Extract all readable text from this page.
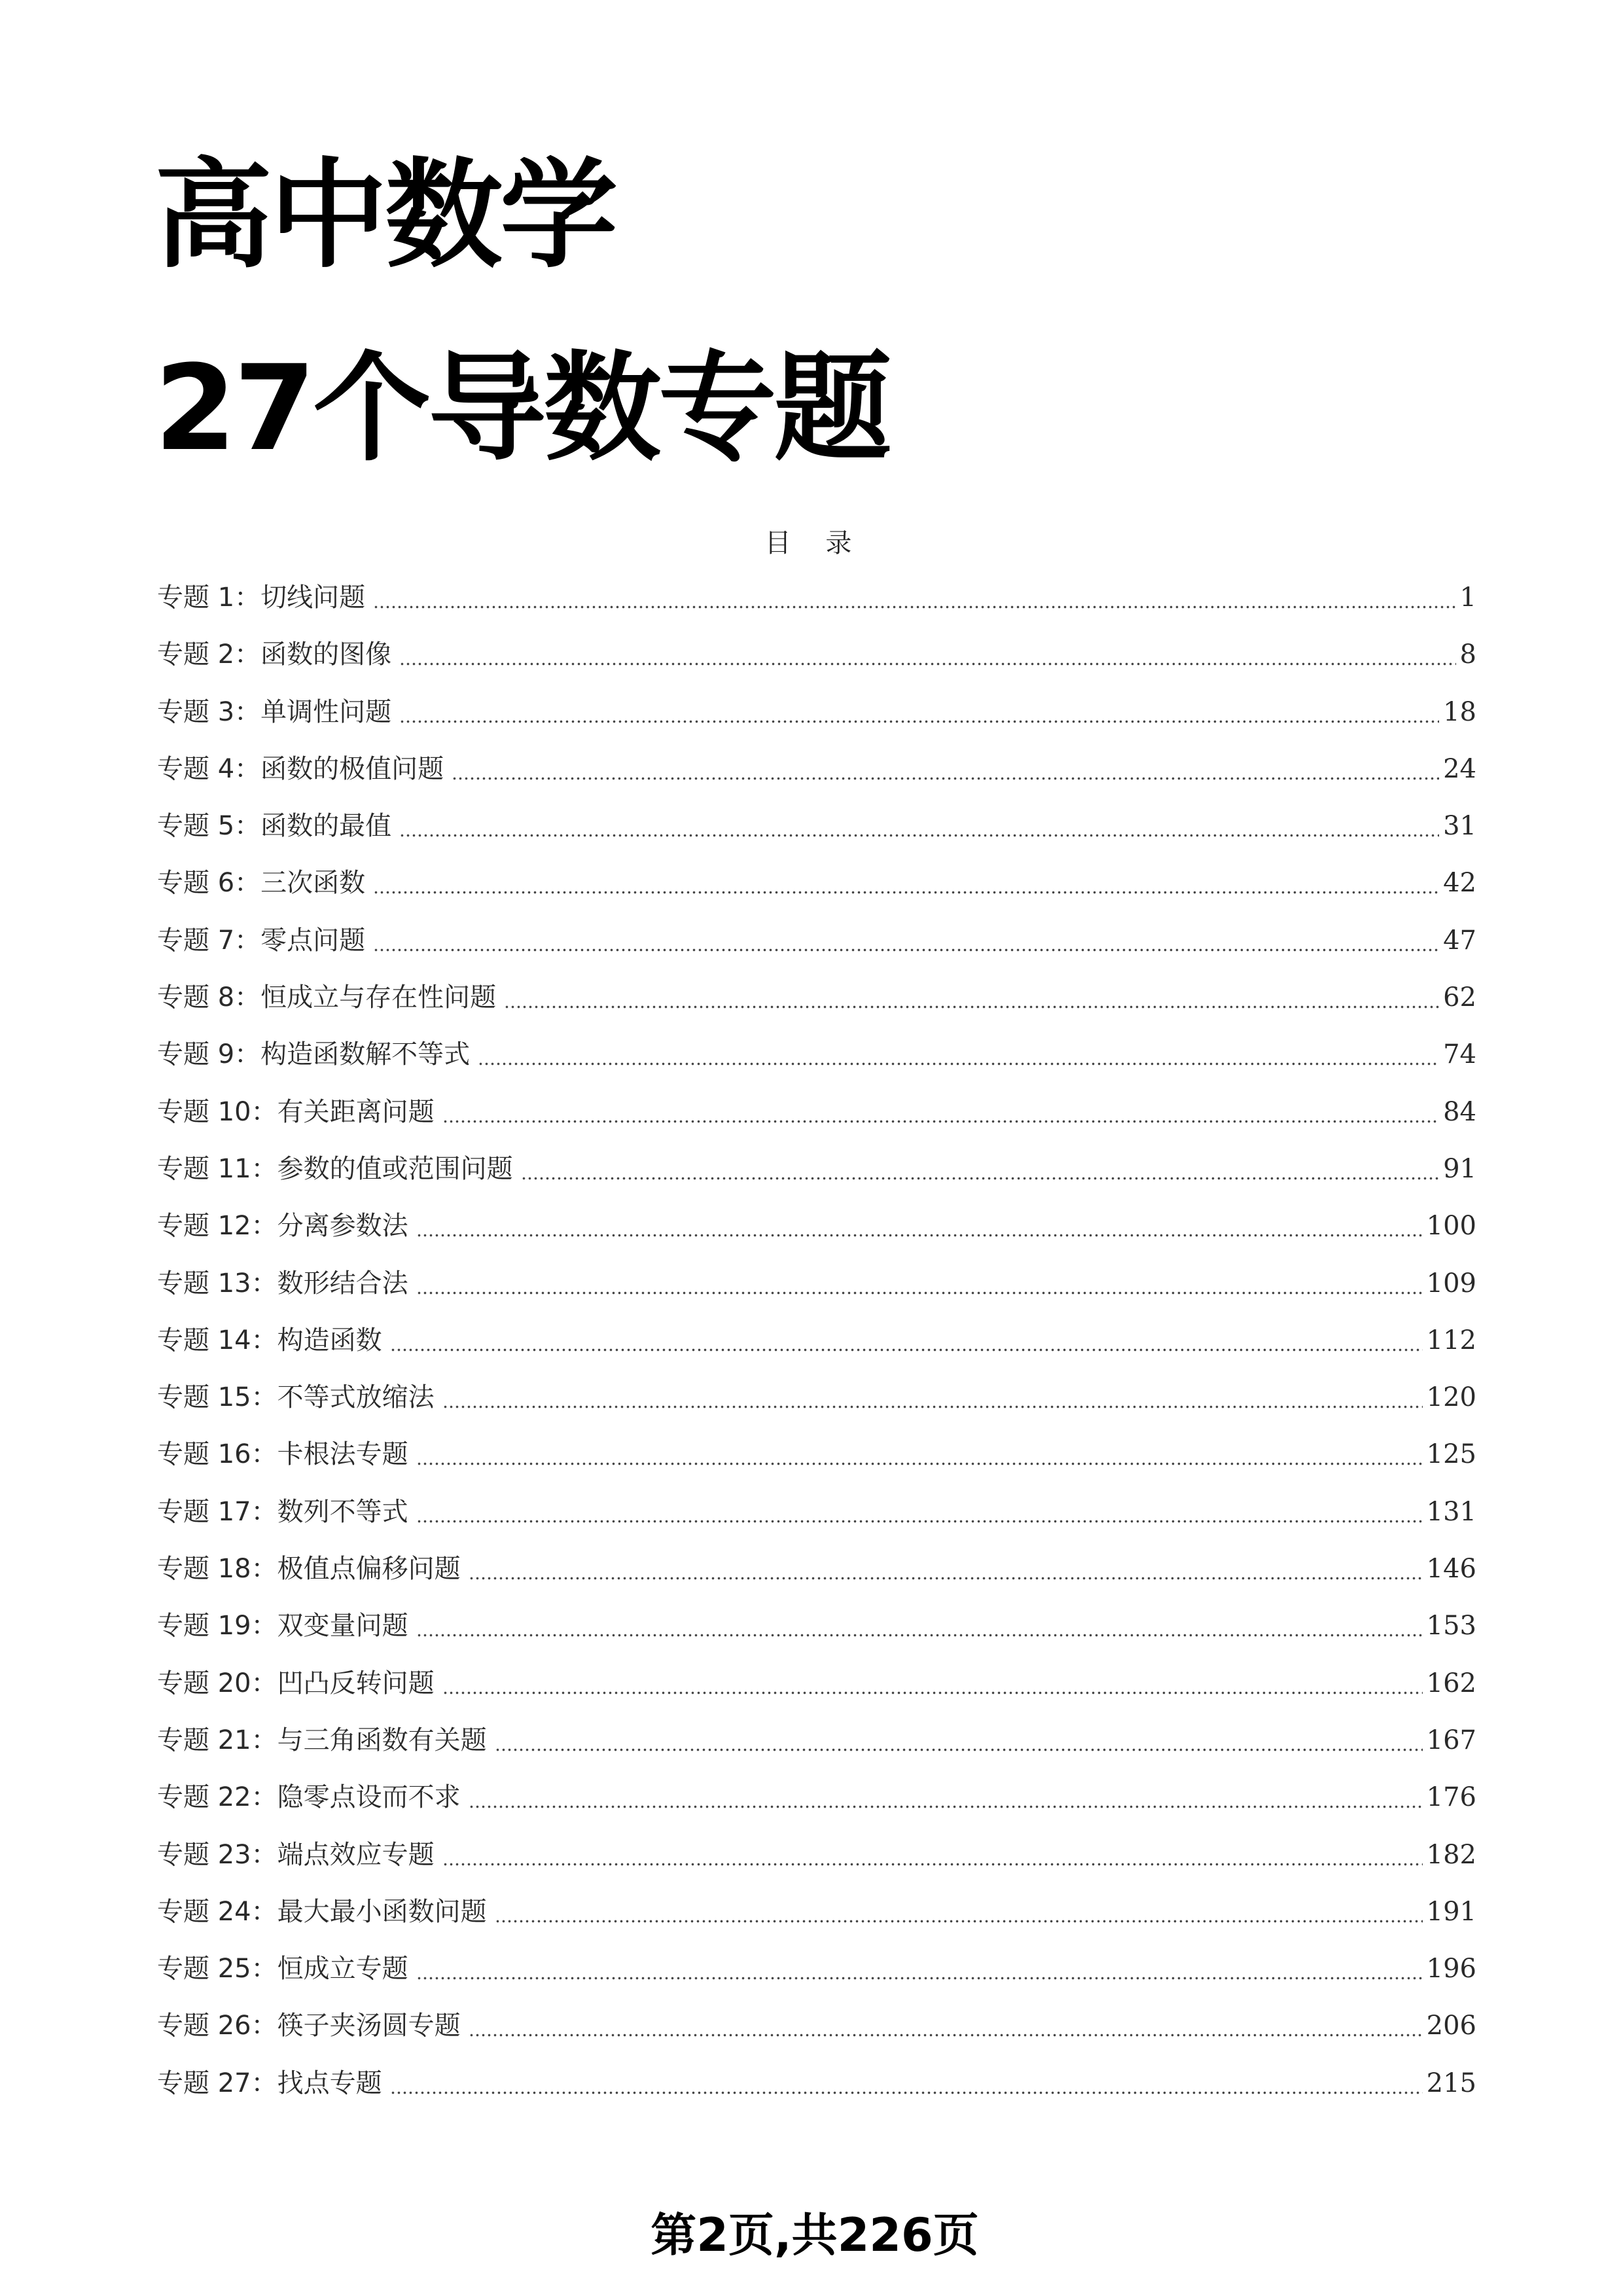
高中数学
27个导数专题
目 录
专题 1：切线问题	1
专题 2：函数的图像	8
专题 3：单调性问题	18
专题 4：函数的极值问题	24
专题 5：函数的最值	31
专题 6：三次函数	42
专题 7：零点问题	47
专题 8：恒成立与存在性问题	62
专题 9：构造函数解不等式	74
专题 10：有关距离问题	84
专题 11：参数的值或范围问题	91
专题 12：分离参数法	100
专题 13：数形结合法	109
专题 14：构造函数	112
专题 15：不等式放缩法	120
专题 16：卡根法专题	125
专题 17：数列不等式	131
专题 18：极值点偏移问题	146
专题 19：双变量问题	153
专题 20：凹凸反转问题	162
专题 21：与三角函数有关题	167
专题 22：隐零点设而不求	176
专题 23：端点效应专题	182
专题 24：最大最小函数问题	191
专题 25：恒成立专题	196
专题 26：筷子夹汤圆专题	206
专题 27：找点专题	215
第2页,共226页
